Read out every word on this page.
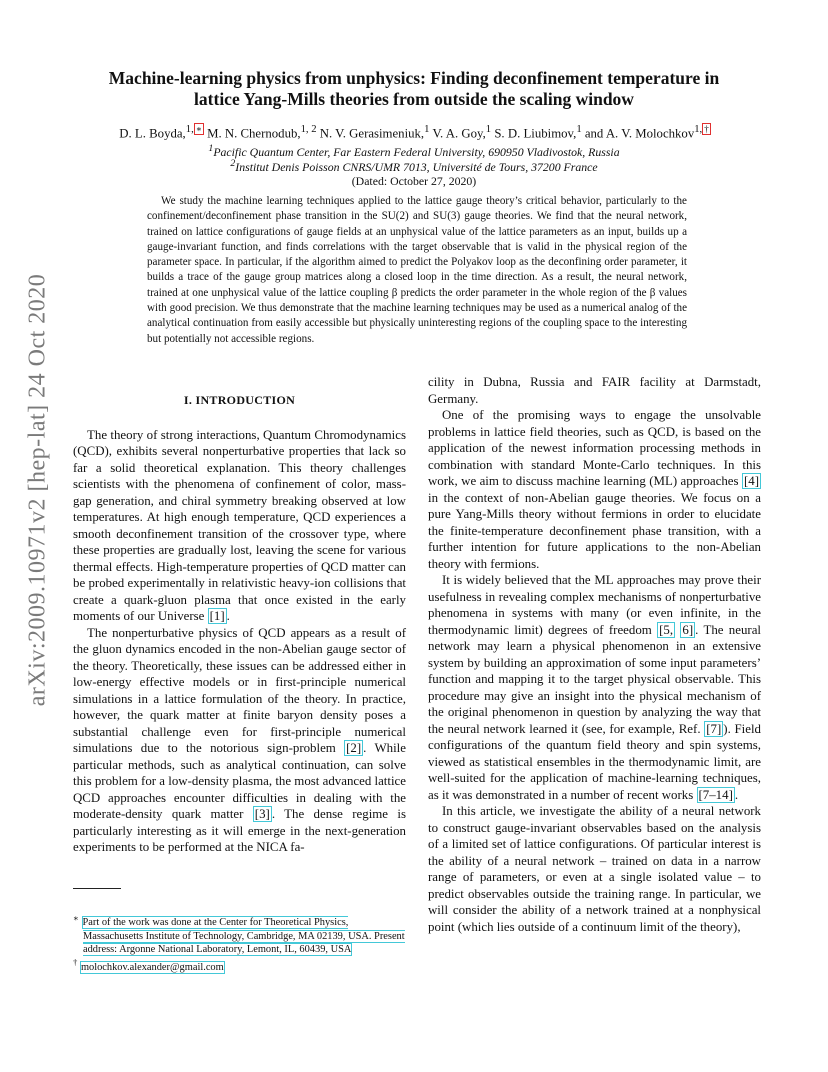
arXiv:2009.10971v2 [hep-lat] 24 Oct 2020
Machine-learning physics from unphysics: Finding deconfinement temperature in
lattice Yang-Mills theories from outside the scaling window
D. L. Boyda,$^{1,}$ ∗ M. N. Chernodub,$^{1, 2}$ N. V. Gerasimeniuk,$^1$ V. A. Goy,$^1$ S. D. Liubimov,$^1$ and A. V. Molochkov$^{1,}$ †
$^1$Pacific Quantum Center, Far Eastern Federal University, 690950 Vladivostok, Russia
$^2$Institut Denis Poisson CNRS/UMR 7013, Université de Tours, 37200 France
(Dated: October 27, 2020)
We study the machine learning techniques applied to the lattice gauge theory’s critical behavior, particularly to the confinement/deconfinement phase transition in the SU(2) and SU(3) gauge theories. We find that the neural network, trained on lattice configurations of gauge fields at an unphysical value of the lattice parameters as an input, builds up a gauge-invariant function, and finds correlations with the target observable that is valid in the physical region of the parameter space. In particular, if the algorithm aimed to predict the Polyakov loop as the deconfining order parameter, it builds a trace of the gauge group matrices along a closed loop in the time direction. As a result, the neural network, trained at one unphysical value of the lattice coupling β predicts the order parameter in the whole region of the β values with good precision. We thus demonstrate that the machine learning techniques may be used as a numerical analog of the analytical continuation from easily accessible but physically uninteresting regions of the coupling space to the interesting but potentially not accessible regions.
I. INTRODUCTION

The theory of strong interactions, Quantum Chromodynamics (QCD), exhibits several nonperturbative properties that lack so far a solid theoretical explanation. This theory challenges scientists with the phenomena of confinement of color, mass-gap generation, and chiral symmetry breaking observed at low temperatures. At high enough temperature, QCD experiences a smooth deconfinement transition of the crossover type, where these properties are gradually lost, leaving the scene for various thermal effects. High-temperature properties of QCD matter can be probed experimentally in relativistic heavy-ion collisions that create a quark-gluon plasma that once existed in the early moments of our Universe [1] .

The nonperturbative physics of QCD appears as a result of the gluon dynamics encoded in the non-Abelian gauge sector of the theory. Theoretically, these issues can be addressed either in low-energy effective models or in first-principle numerical simulations in a lattice formulation of the theory. In practice, however, the quark matter at finite baryon density poses a substantial challenge even for first-principle numerical simulations due to the notorious sign-problem [2] . While particular methods, such as analytical continuation, can solve this problem for a low-density plasma, the most advanced lattice QCD approaches encounter difficulties in dealing with the moderate-density quark matter [3] . The dense regime is particularly interesting as it will emerge in the next-generation experiments to be performed at the NICA fa-

cility in Dubna, Russia and FAIR facility at Darmstadt, Germany.

One of the promising ways to engage the unsolvable problems in lattice field theories, such as QCD, is based on the application of the newest information processing methods in combination with standard Monte-Carlo techniques. In this work, we aim to discuss machine learning (ML) approaches [4] in the context of non-Abelian gauge theories. We focus on a pure Yang-Mills theory without fermions in order to elucidate the finite-temperature deconfinement phase transition, with a further intention for future applications to the non-Abelian theory with fermions.

It is widely believed that the ML approaches may prove their usefulness in revealing complex mechanisms of nonperturbative phenomena in systems with many (or even infinite, in the thermodynamic limit) degrees of freedom [5, 6] . The neural network may learn a physical phenomenon in an extensive system by building an approximation of some input parameters’ function and mapping it to the target physical observable. This procedure may give an insight into the physical mechanism of the original phenomenon in question by analyzing the way that the neural network learned it (see, for example, Ref. [7] ). Field configurations of the quantum field theory and spin systems, viewed as statistical ensembles in the thermodynamic limit, are well-suited for the application of machine-learning techniques, as it was demonstrated in a number of recent works [7–14] .

In this article, we investigate the ability of a neural network to construct gauge-invariant observables based on the analysis of a limited set of lattice configurations. Of particular interest is the ability of a neural network – trained on data in a narrow range of parameters, or even at a single isolated value – to predict observables outside the training range. In particular, we will consider the ability of a network trained at a nonphysical point (which lies outside of a continuum limit of the theory),

∗ Part of the work was done at the Center for Theoretical Physics, Massachusetts Institute of Technology, Cambridge, MA 02139, USA. Present address: Argonne National Laboratory, Lemont, IL, 60439, USA
† molochkov.alexander@gmail.com
